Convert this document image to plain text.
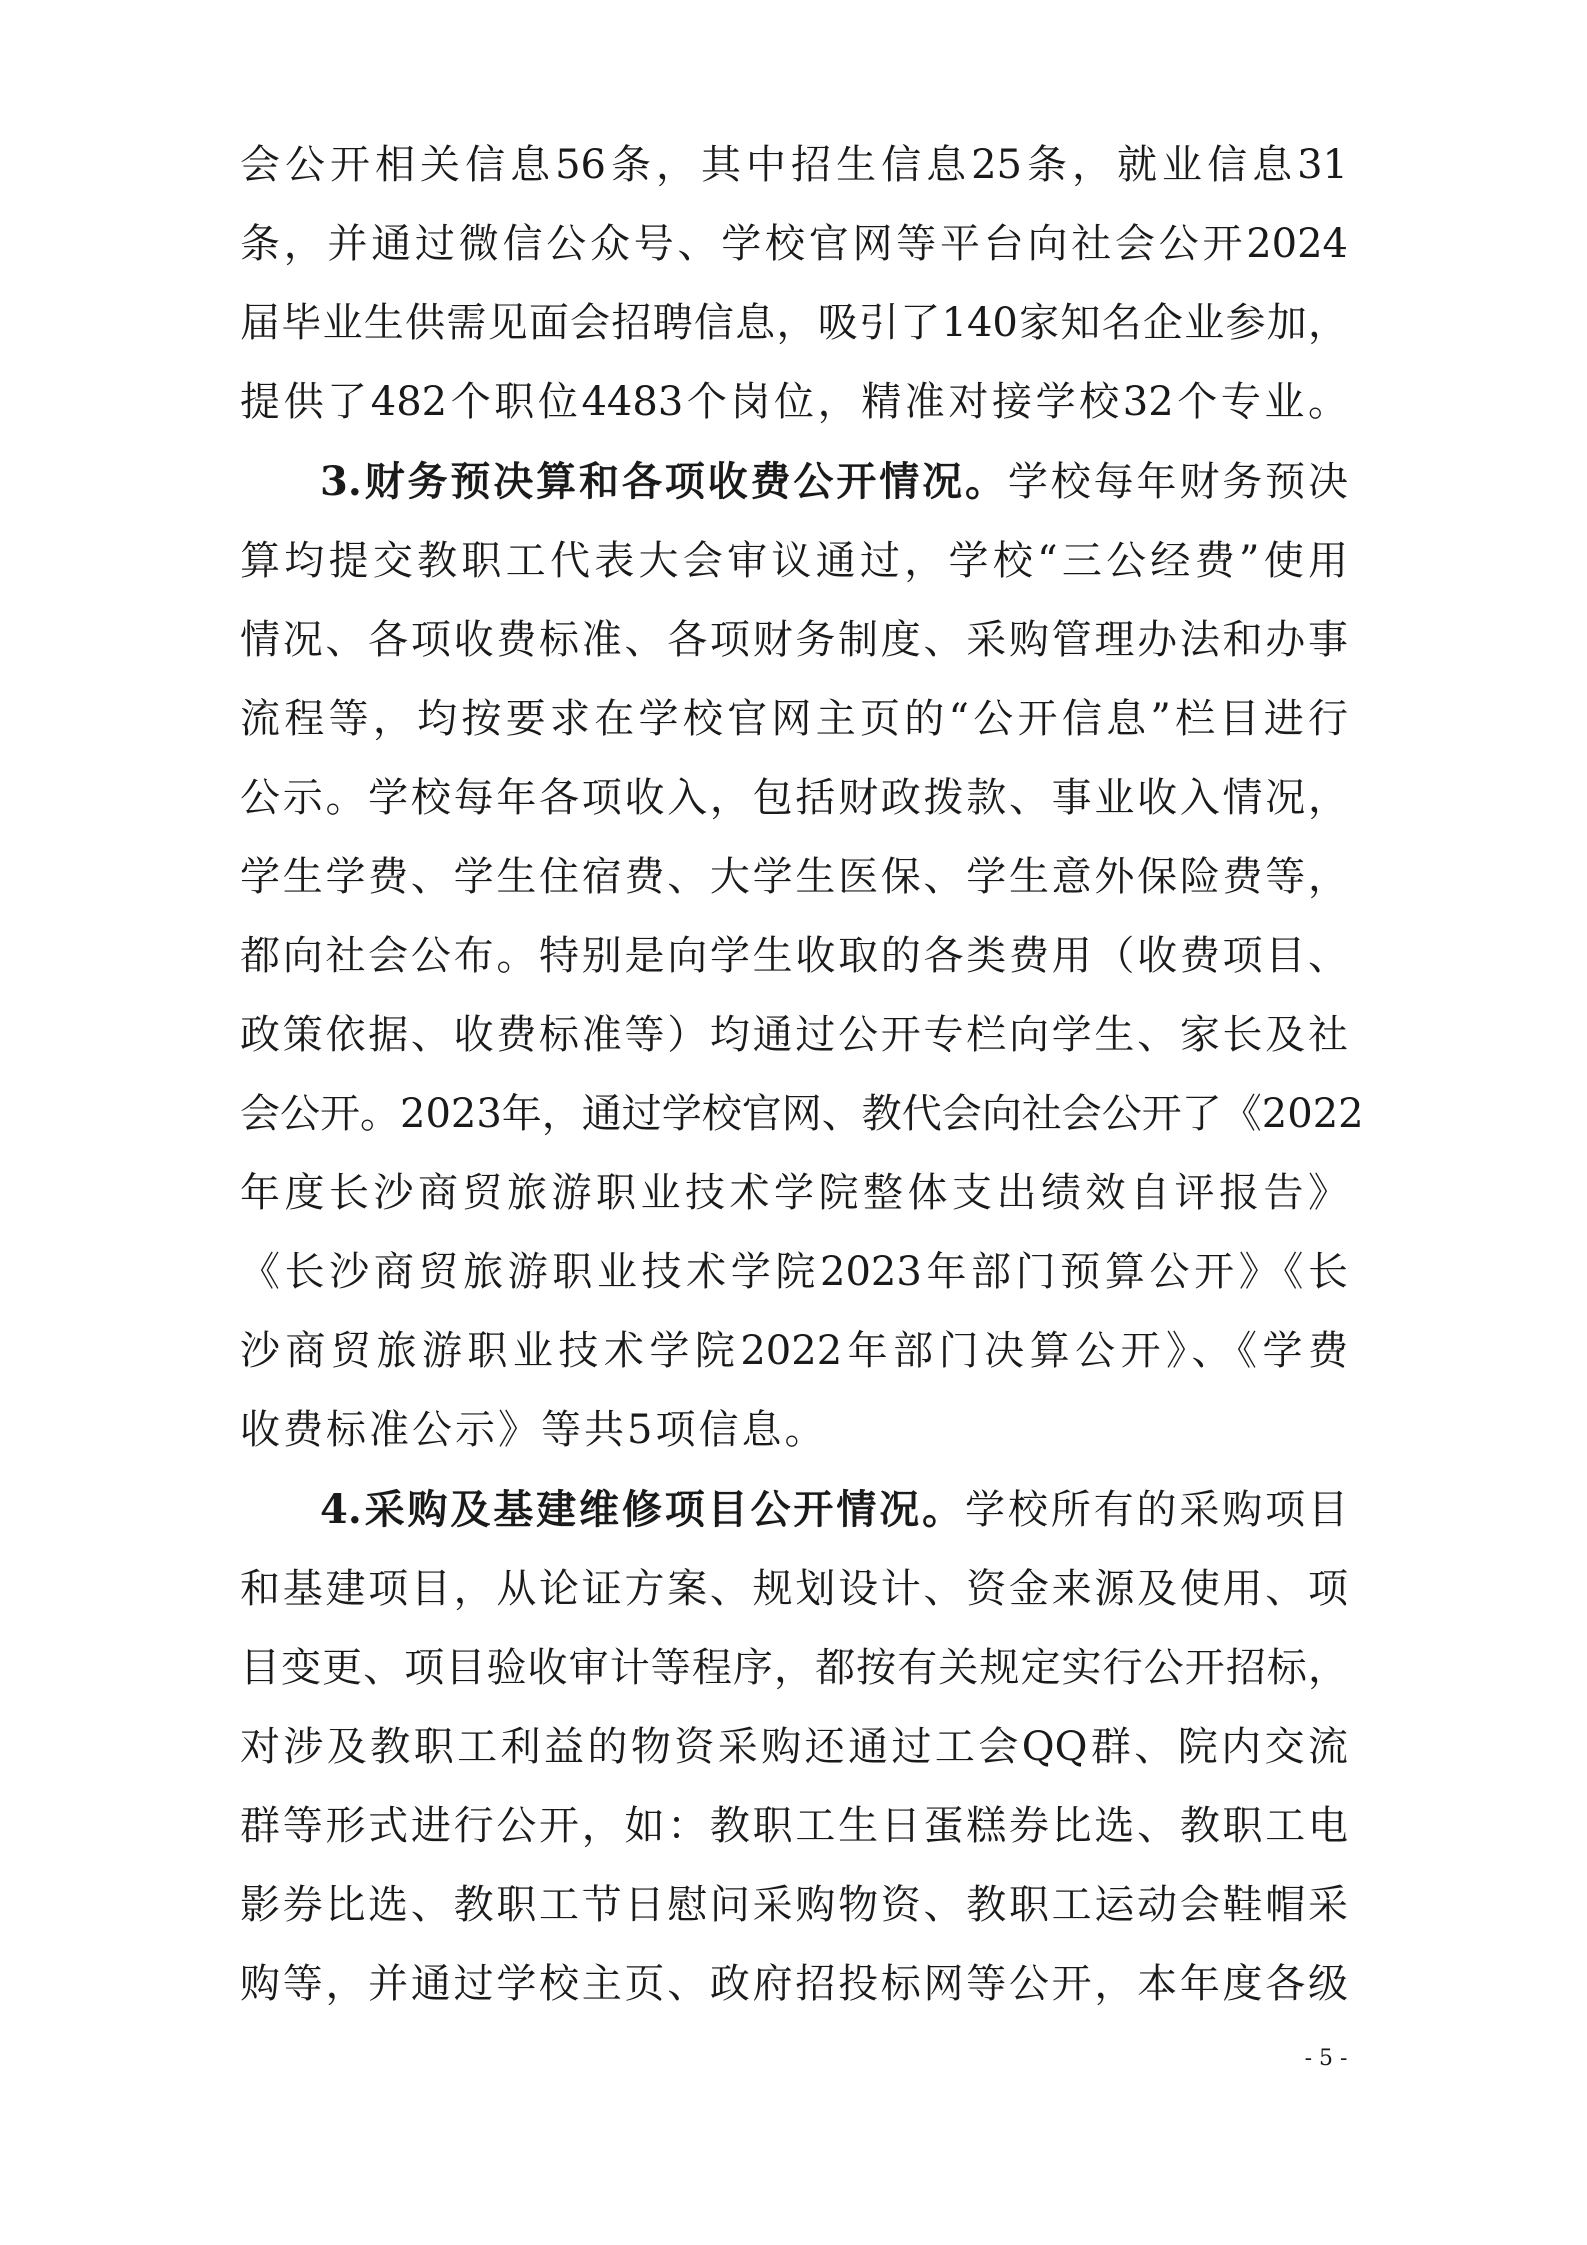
会公开相关信息56条，其中招生信息25条，就业信息31
条，并通过微信公众号、学校官网等平台向社会公开2024
届毕业生供需见面会招聘信息，吸引了140家知名企业参加，
提供了482个职位4483个岗位，精准对接学校32个专业。
3.财务预决算和各项收费公开情况。学校每年财务预决
算均提交教职工代表大会审议通过，学校“三公经费”使用
情况、各项收费标准、各项财务制度、采购管理办法和办事
流程等，均按要求在学校官网主页的“公开信息”栏目进行
公示。学校每年各项收入，包括财政拨款、事业收入情况，
学生学费、学生住宿费、大学生医保、学生意外保险费等，
都向社会公布。特别是向学生收取的各类费用（收费项目、
政策依据、收费标准等）均通过公开专栏向学生、家长及社
会公开。2023年，通过学校官网、教代会向社会公开了《2022
年度长沙商贸旅游职业技术学院整体支出绩效自评报告》
《长沙商贸旅游职业技术学院2023年部门预算公开》《长
沙商贸旅游职业技术学院2022年部门决算公开》、《学费
收费标准公示》等共5项信息。
4.采购及基建维修项目公开情况。学校所有的采购项目
和基建项目，从论证方案、规划设计、资金来源及使用、项
目变更、项目验收审计等程序，都按有关规定实行公开招标，
对涉及教职工利益的物资采购还通过工会QQ群、院内交流
群等形式进行公开，如：教职工生日蛋糕券比选、教职工电
影券比选、教职工节日慰问采购物资、教职工运动会鞋帽采
购等，并通过学校主页、政府招投标网等公开，本年度各级
- 5 -
